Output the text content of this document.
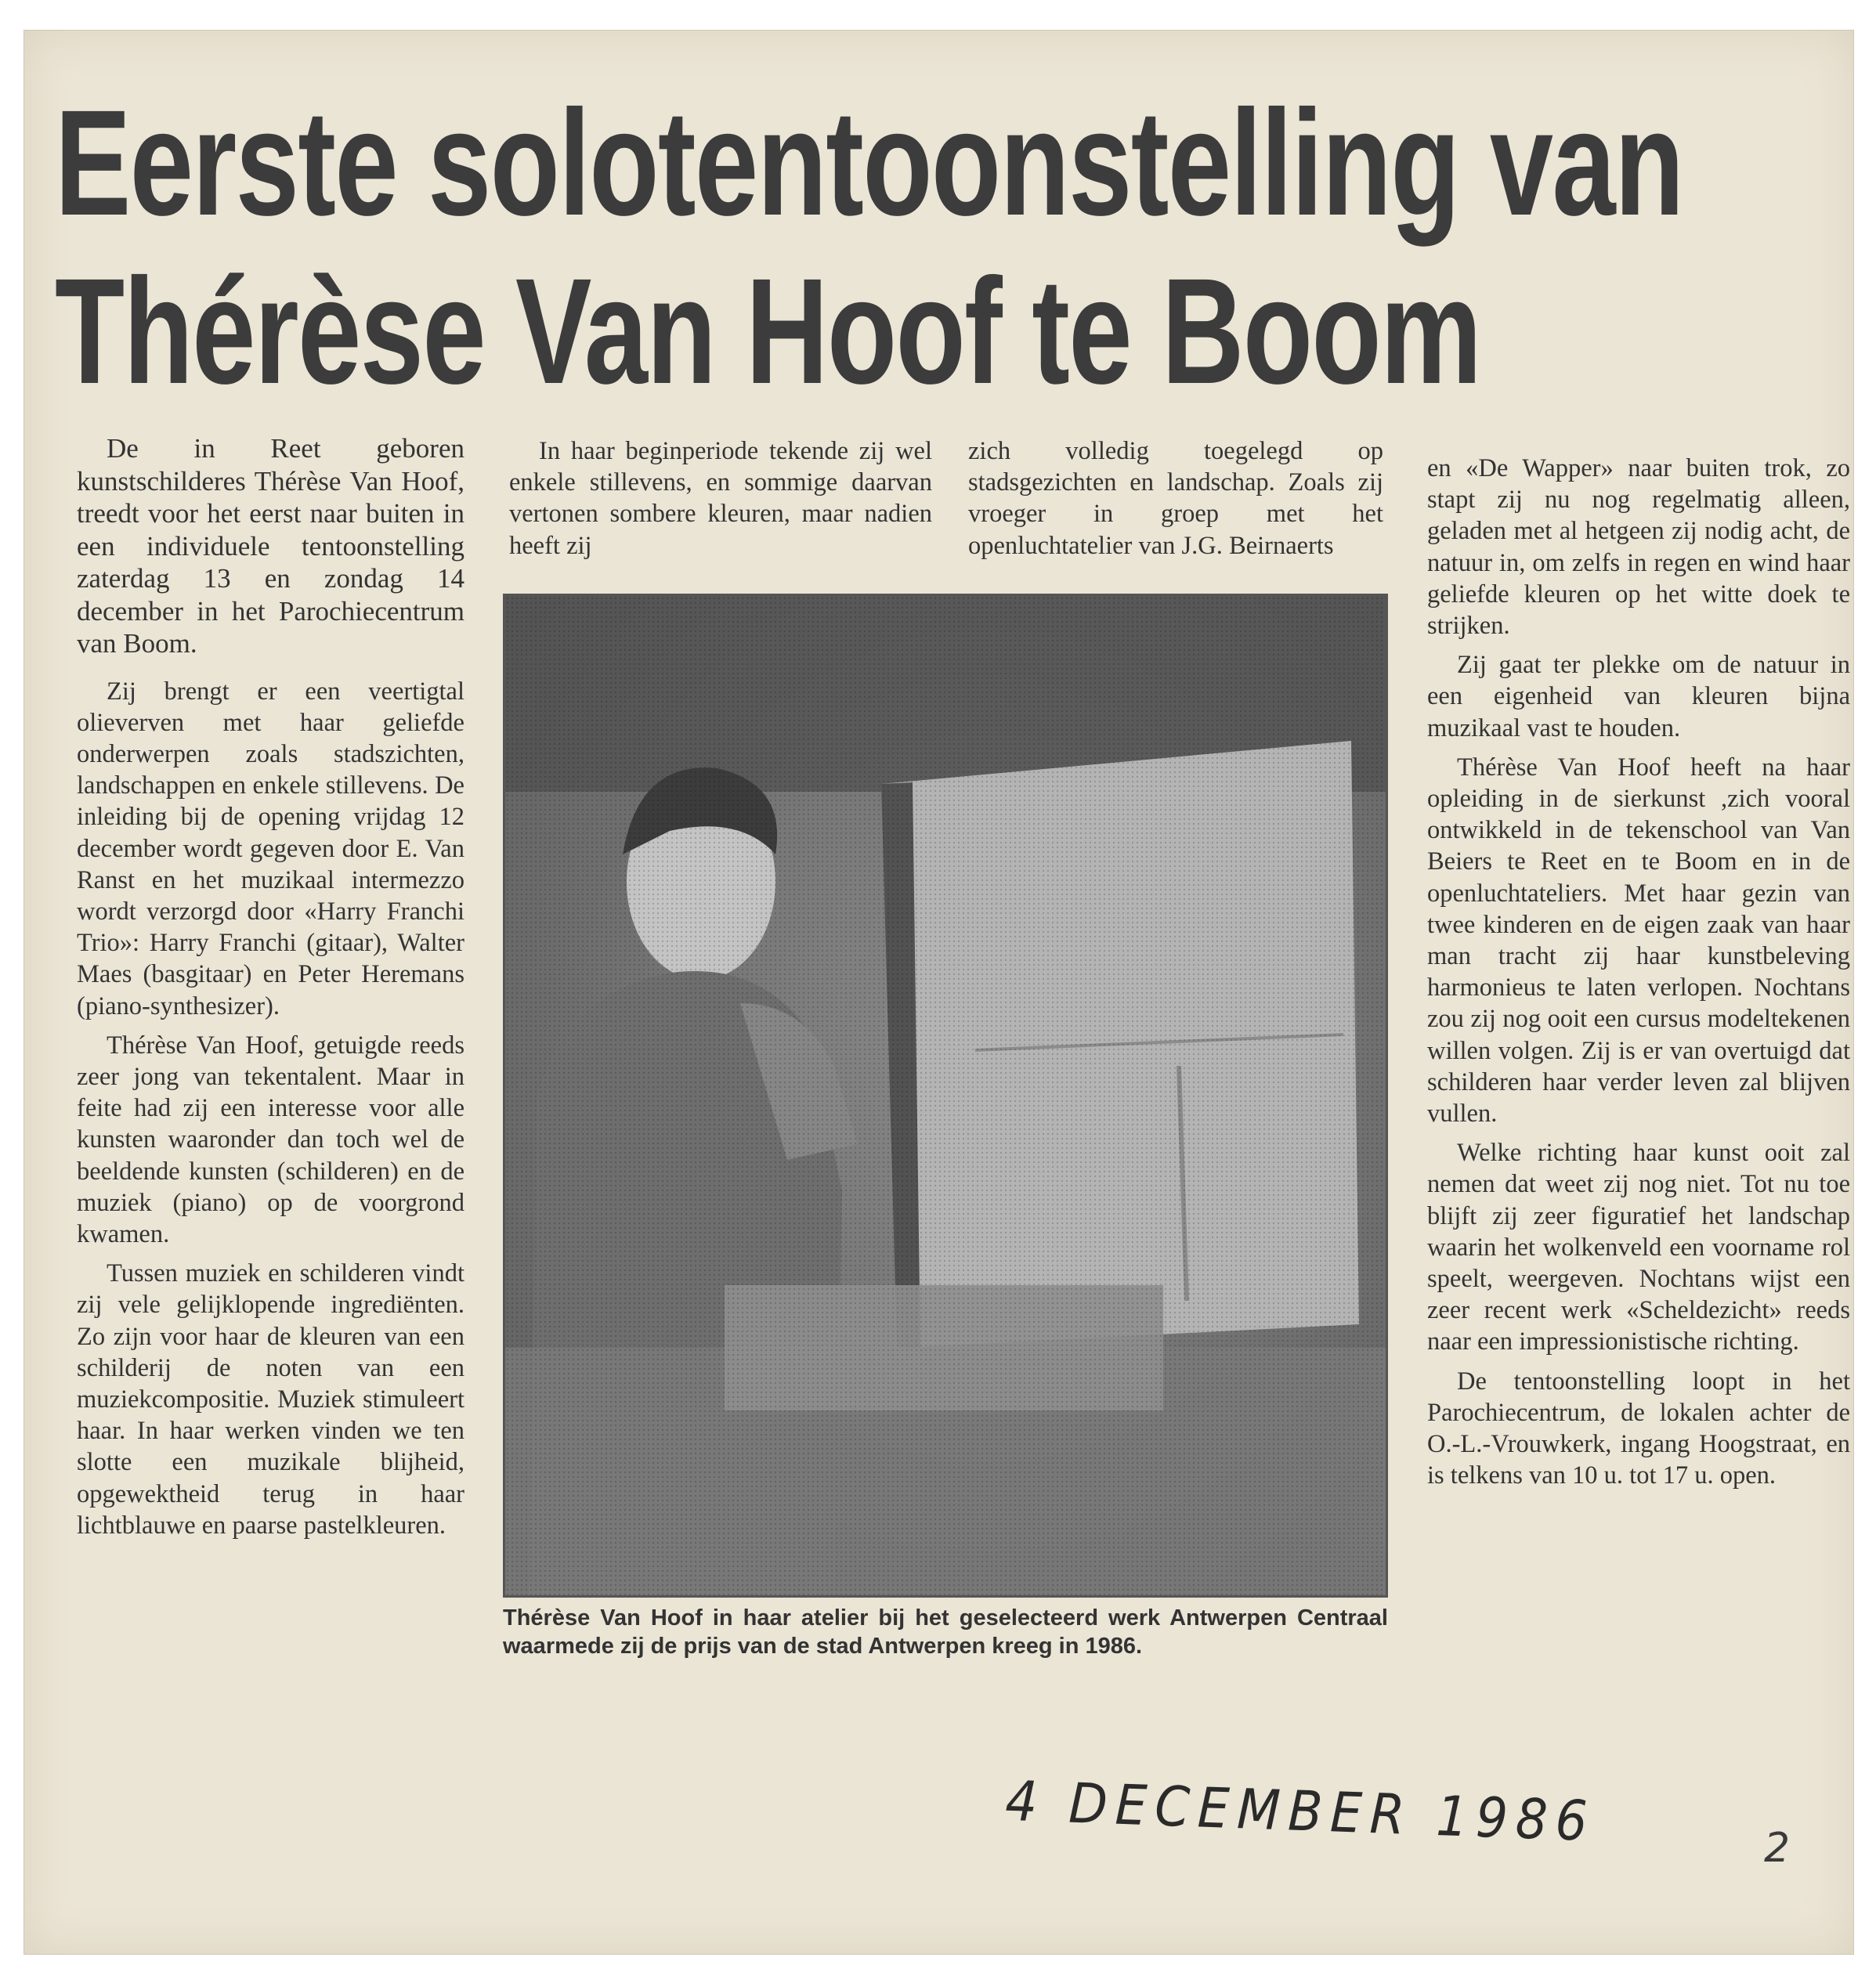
Eerste solotentoonstelling van
Thérèse Van Hoof te Boom

De in Reet geboren kunstschilderes Thérèse Van Hoof, treedt voor het eerst naar buiten in een individuele tentoonstelling zaterdag 13 en zondag 14 december in het Parochiecentrum van Boom.

Zij brengt er een veertigtal olieverven met haar geliefde onderwerpen zoals stadszichten, landschappen en enkele stillevens. De inleiding bij de opening vrijdag 12 december wordt gegeven door E. Van Ranst en het muzikaal intermezzo wordt verzorgd door «Harry Franchi Trio»: Harry Franchi (gitaar), Walter Maes (basgitaar) en Peter Heremans (piano-synthesizer).

Thérèse Van Hoof, getuigde reeds zeer jong van tekentalent. Maar in feite had zij een interesse voor alle kunsten waaronder dan toch wel de beeldende kunsten (schilderen) en de muziek (piano) op de voorgrond kwamen.

Tussen muziek en schilderen vindt zij vele gelijklopende ingrediënten. Zo zijn voor haar de kleuren van een schilderij de noten van een muziekcompositie. Muziek stimuleert haar. In haar werken vinden we ten slotte een muzikale blijheid, opgewektheid terug in haar lichtblauwe en paarse pastelkleuren.

In haar beginperiode tekende zij wel enkele stillevens, en sommige daarvan vertonen sombere kleuren, maar nadien heeft zij

zich volledig toegelegd op stadsgezichten en landschap. Zoals zij vroeger in groep met het openluchtatelier van J.G. Beirnaerts

Thérèse Van Hoof in haar atelier bij het geselecteerd werk Antwerpen Centraal waarmede zij de prijs van de stad Antwerpen kreeg in 1986.

en «De Wapper» naar buiten trok, zo stapt zij nu nog regelmatig alleen, geladen met al hetgeen zij nodig acht, de natuur in, om zelfs in regen en wind haar geliefde kleuren op het witte doek te strijken.

Zij gaat ter plekke om de natuur in een eigenheid van kleuren bijna muzikaal vast te houden.

Thérèse Van Hoof heeft na haar opleiding in de sierkunst ,zich vooral ontwikkeld in de tekenschool van Van Beiers te Reet en te Boom en in de openluchtateliers. Met haar gezin van twee kinderen en de eigen zaak van haar man tracht zij haar kunstbeleving harmonieus te laten verlopen. Nochtans zou zij nog ooit een cursus modeltekenen willen volgen. Zij is er van overtuigd dat schilderen haar verder leven zal blijven vullen.

Welke richting haar kunst ooit zal nemen dat weet zij nog niet. Tot nu toe blijft zij zeer figuratief het landschap waarin het wolkenveld een voorname rol speelt, weergeven. Nochtans wijst een zeer recent werk «Scheldezicht» reeds naar een impressionistische richting.

De tentoonstelling loopt in het Parochiecentrum, de lokalen achter de O.-L.-Vrouwkerk, ingang Hoogstraat, en is telkens van 10 u. tot 17 u. open.

4 DECEMBER 1986	2
